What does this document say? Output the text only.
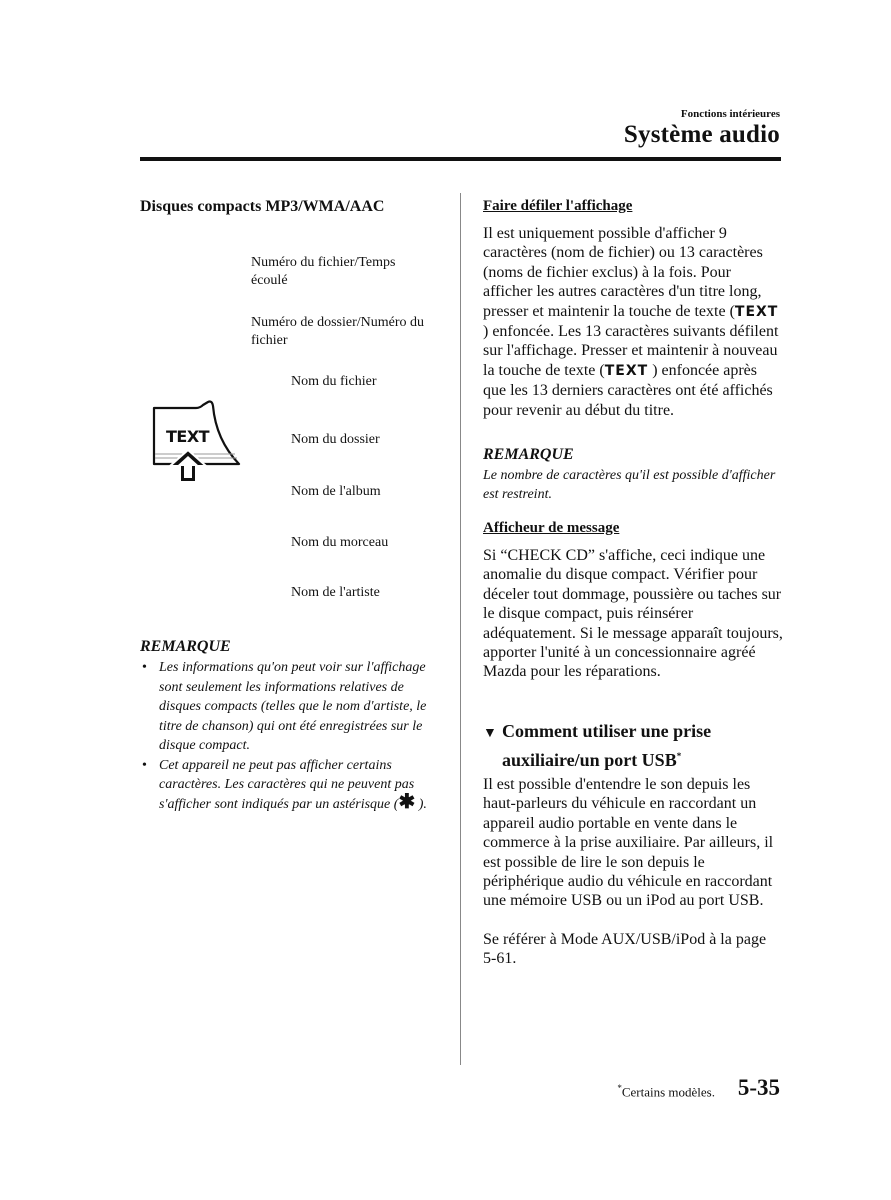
Fonctions intérieures
Système audio
Disques compacts MP3/WMA/AAC
Numéro du fichier/Temps écoulé
Numéro de dossier/Numéro du fichier
Nom du fichier
Nom du dossier
Nom de l'album
Nom du morceau
Nom de l'artiste
TEXT
REMARQUE
• Les informations qu'on peut voir sur l'affichage sont seulement les informations relatives de disques compacts (telles que le nom d'artiste, le titre de chanson) qui ont été enregistrées sur le disque compact.
• Cet appareil ne peut pas afficher certains caractères. Les caractères qui ne peuvent pas s'afficher sont indiqués par un astérisque (✱ ).
Faire défiler l'affichage
Il est uniquement possible d'afficher 9 caractères (nom de fichier) ou 13 caractères (noms de fichier exclus) à la fois. Pour afficher les autres caractères d'un titre long, presser et maintenir la touche de texte (TEXT ) enfoncée. Les 13 caractères suivants défilent sur l'affichage. Presser et maintenir à nouveau la touche de texte (TEXT ) enfoncée après que les 13 derniers caractères ont été affichés pour revenir au début du titre.
REMARQUE
Le nombre de caractères qu'il est possible d'afficher est restreint.
Afficheur de message
Si “CHECK CD” s'affiche, ceci indique une anomalie du disque compact. Vérifier pour déceler tout dommage, poussière ou taches sur le disque compact, puis réinsérer adéquatement. Si le message apparaît toujours, apporter l'unité à un concessionnaire agréé Mazda pour les réparations.
▼ Comment utiliser une prise
auxiliaire/un port USB*
Il est possible d'entendre le son depuis les haut-parleurs du véhicule en raccordant un appareil audio portable en vente dans le commerce à la prise auxiliaire. Par ailleurs, il est possible de lire le son depuis le périphérique audio du véhicule en raccordant une mémoire USB ou un iPod au port USB.
Se référer à Mode AUX/USB/iPod à la page 5-61.
*Certains modèles. 5-35
